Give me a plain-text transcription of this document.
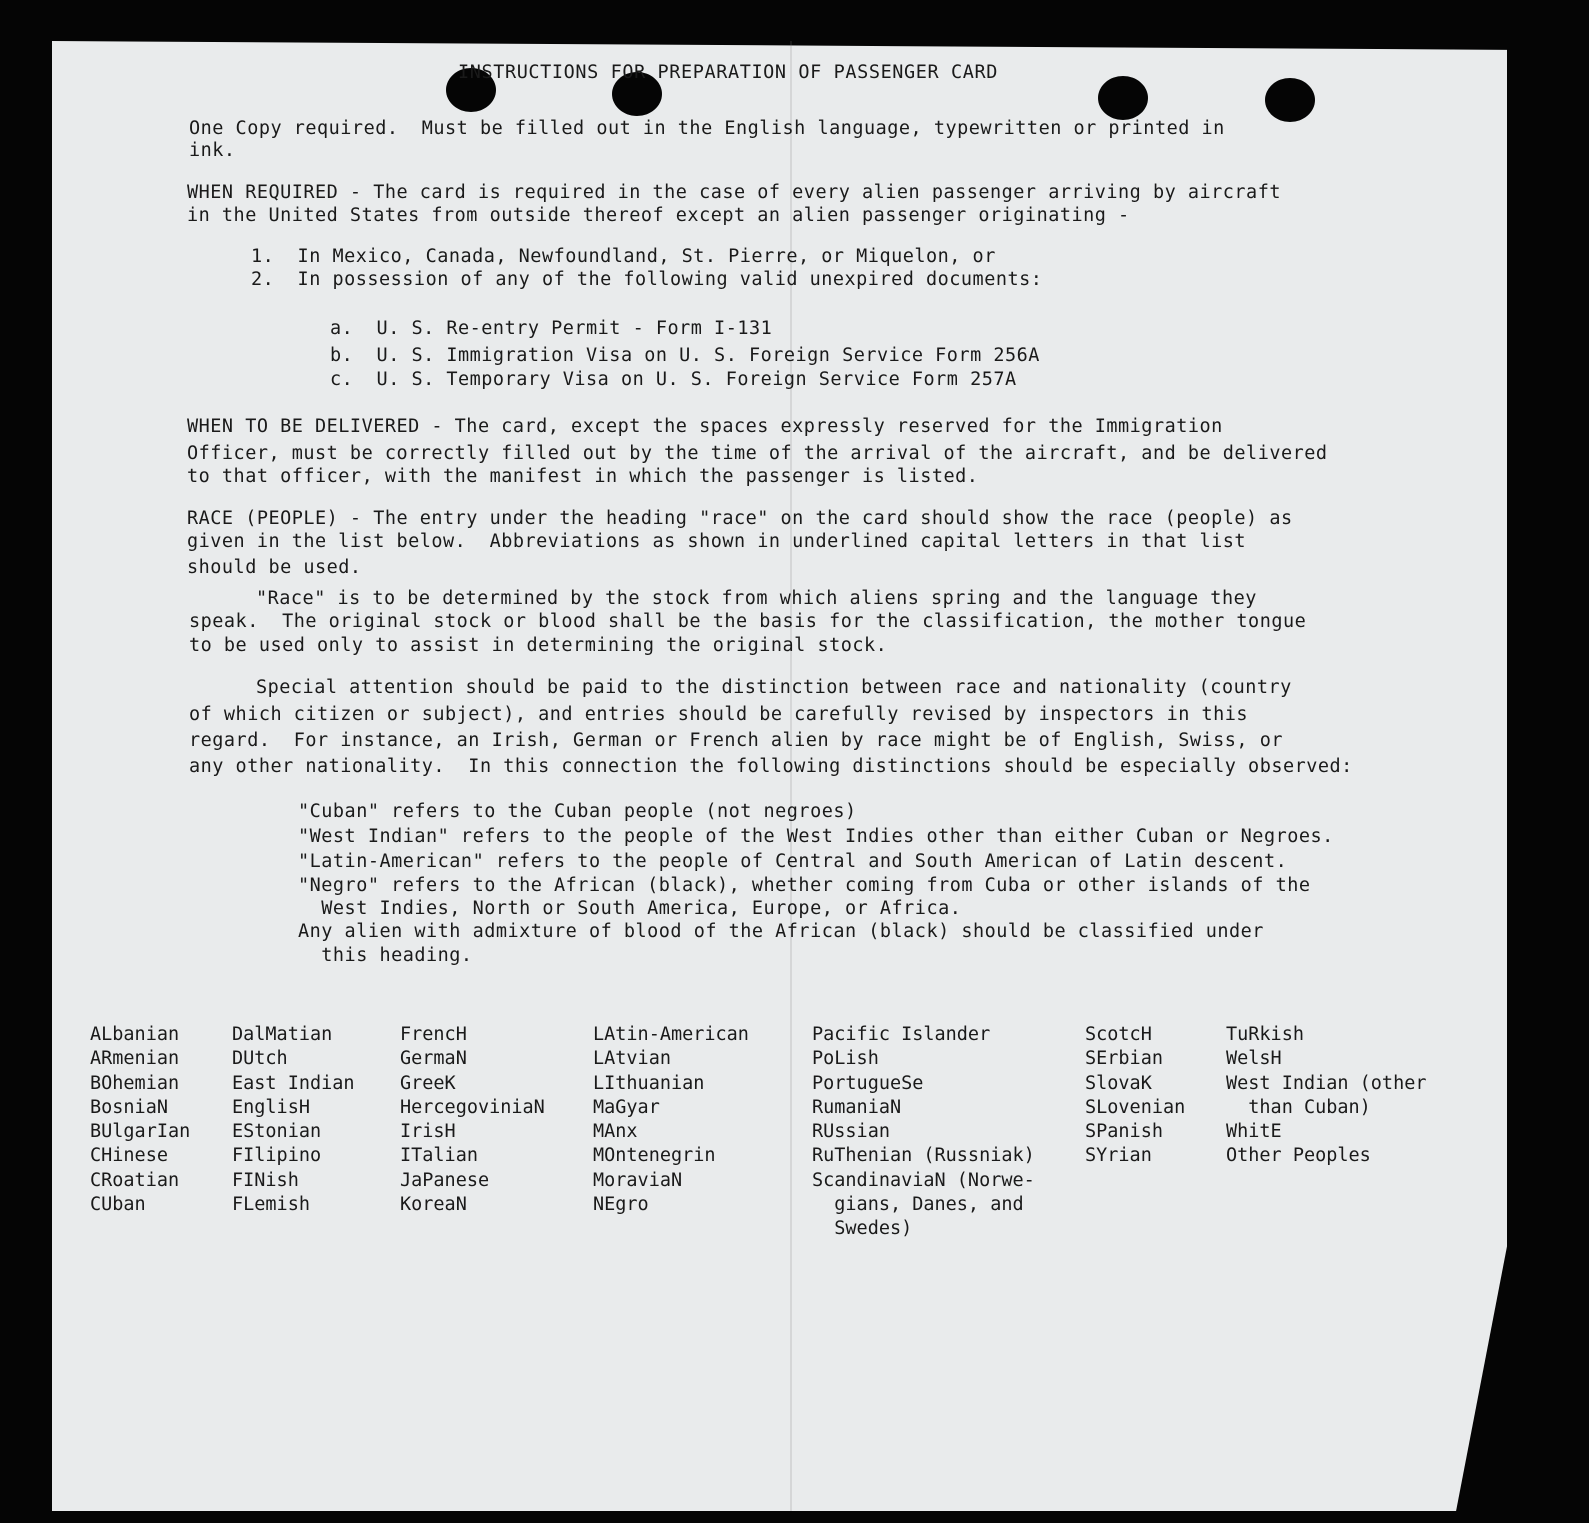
INSTRUCTIONS FOR PREPARATION OF PASSENGER CARD
One Copy required.  Must be filled out in the English language, typewritten or printed in
ink.
WHEN REQUIRED - The card is required in the case of every alien passenger arriving by aircraft
in the United States from outside thereof except an alien passenger originating -
1.  In Mexico, Canada, Newfoundland, St. Pierre, or Miquelon, or
2.  In possession of any of the following valid unexpired documents:
a.  U. S. Re-entry Permit - Form I-131
b.  U. S. Immigration Visa on U. S. Foreign Service Form 256A
c.  U. S. Temporary Visa on U. S. Foreign Service Form 257A
WHEN TO BE DELIVERED - The card, except the spaces expressly reserved for the Immigration
Officer, must be correctly filled out by the time of the arrival of the aircraft, and be delivered
to that officer, with the manifest in which the passenger is listed.
RACE (PEOPLE) - The entry under the heading "race" on the card should show the race (people) as
given in the list below.  Abbreviations as shown in underlined capital letters in that list
should be used.
"Race" is to be determined by the stock from which aliens spring and the language they
speak.  The original stock or blood shall be the basis for the classification, the mother tongue
to be used only to assist in determining the original stock.
Special attention should be paid to the distinction between race and nationality (country
of which citizen or subject), and entries should be carefully revised by inspectors in this
regard.  For instance, an Irish, German or French alien by race might be of English, Swiss, or
any other nationality.  In this connection the following distinctions should be especially observed:
"Cuban" refers to the Cuban people (not negroes)
"West Indian" refers to the people of the West Indies other than either Cuban or Negroes.
"Latin-American" refers to the people of Central and South American of Latin descent.
"Negro" refers to the African (black), whether coming from Cuba or other islands of the
West Indies, North or South America, Europe, or Africa.
Any alien with admixture of blood of the African (black) should be classified under
this heading.
ALbanian
ARmenian
BOhemian
BosniaN
BUlgarIan
CHinese
CRoatian
CUban
DalMatian
DUtch
East Indian
EnglisH
EStonian
FIlipino
FINish
FLemish
FrencH
GermaN
GreeK
HercegoviniaN
IrisH
ITalian
JaPanese
KoreaN
LAtin-American
LAtvian
LIthuanian
MaGyar
MAnx
MOntenegrin
MoraviaN
NEgro
Pacific Islander
PoLish
PortugueSe
RumaniaN
RUssian
RuThenian (Russniak)
ScandinaviaN (Norwe-
gians, Danes, and
Swedes)
ScotcH
SErbian
SlovaK
SLovenian
SPanish
SYrian
TuRkish
WelsH
West Indian (other
than Cuban)
WhitE
Other Peoples
1
